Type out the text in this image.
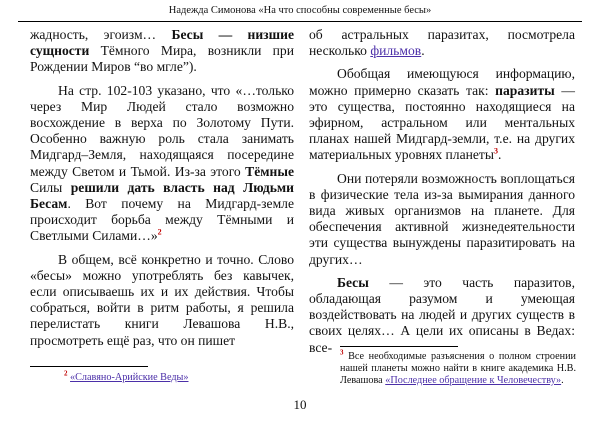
Надежда Симонова «На что способны современные бесы»

жадность, эгоизм… Бесы — низшие сущности Тёмного Мира, возникли при Рождении Миров “во мгле”).

На стр. 102-103 указано, что «…только через Мир Людей стало возможно восхождение в верха по Золотому Пути. Особенно важную роль стала занимать Мидгард–Земля, находящаяся посередине между Светом и Тьмой. Из-за этого Тёмные Силы решили дать власть над Людьми Бесам. Вот почему на Мидгард-земле происходит борьба между Тёмными и Светлыми Силами…»$^2$

В общем, всё конкретно и точно. Слово «бесы» можно употреблять без кавычек, если описываешь их и их действия. Чтобы собраться, войти в ритм работы, я решила перелистать книги Левашова Н.В., просмотреть ещё раз, что он пишет

$^2$ «Славяно-Арийские Веды»

об астральных паразитах, посмотрела несколько фильмов.

Обобщая имеющуюся информацию, можно примерно сказать так: паразиты — это существа, постоянно находящиеся на эфирном, астральном или ментальных планах нашей Мидгард-земли, т.е. на других материальных уровнях планеты$^3$.

Они потеряли возможность воплощаться в физические тела из-за вымирания данного вида живых организмов на планете. Для обеспечения активной жизнедеятельности эти существа вынуждены паразитировать на других…

Бесы — это часть паразитов, обладающая разумом и умеющая воздействовать на людей и других существ в своих целях… А цели их описаны в Ведах: все-	$^3$ Все необходимые разъяснения о полном строении нашей планеты можно найти в книге академика Н.В. Левашова «Последнее обращение к Человечеству».
10
